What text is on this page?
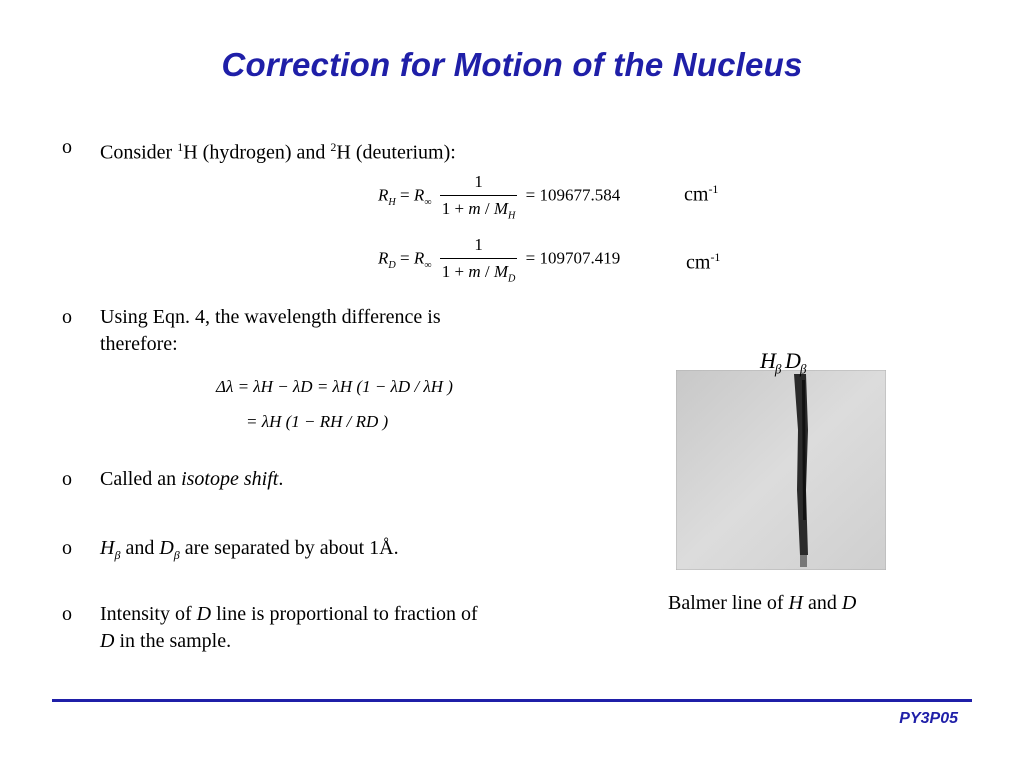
Correction for Motion of the Nucleus
o Consider $^1$H (hydrogen) and $^2$H (deuterium):
$R_H = R_\infty \frac{1}{1 + m / M_H} = 109677.584$	$cm^{-1}$
$R_D = R_\infty \frac{1}{1 + m / M_D} = 109707.419$	$cm^{-1}$
o Using Eqn. 4, the wavelength difference is
therefore:
Δλ = λH − λD = λH (1 − λD / λH )
= λH (1 − RH / RD )
o Called an isotope shift.
o $H_\beta$ and $D_\beta$ are separated by about 1Å.
o Intensity of D line is proportional to fraction of
D in the sample.
$H_\beta$ $D_\beta$
Balmer line of H and D
PY3P05
